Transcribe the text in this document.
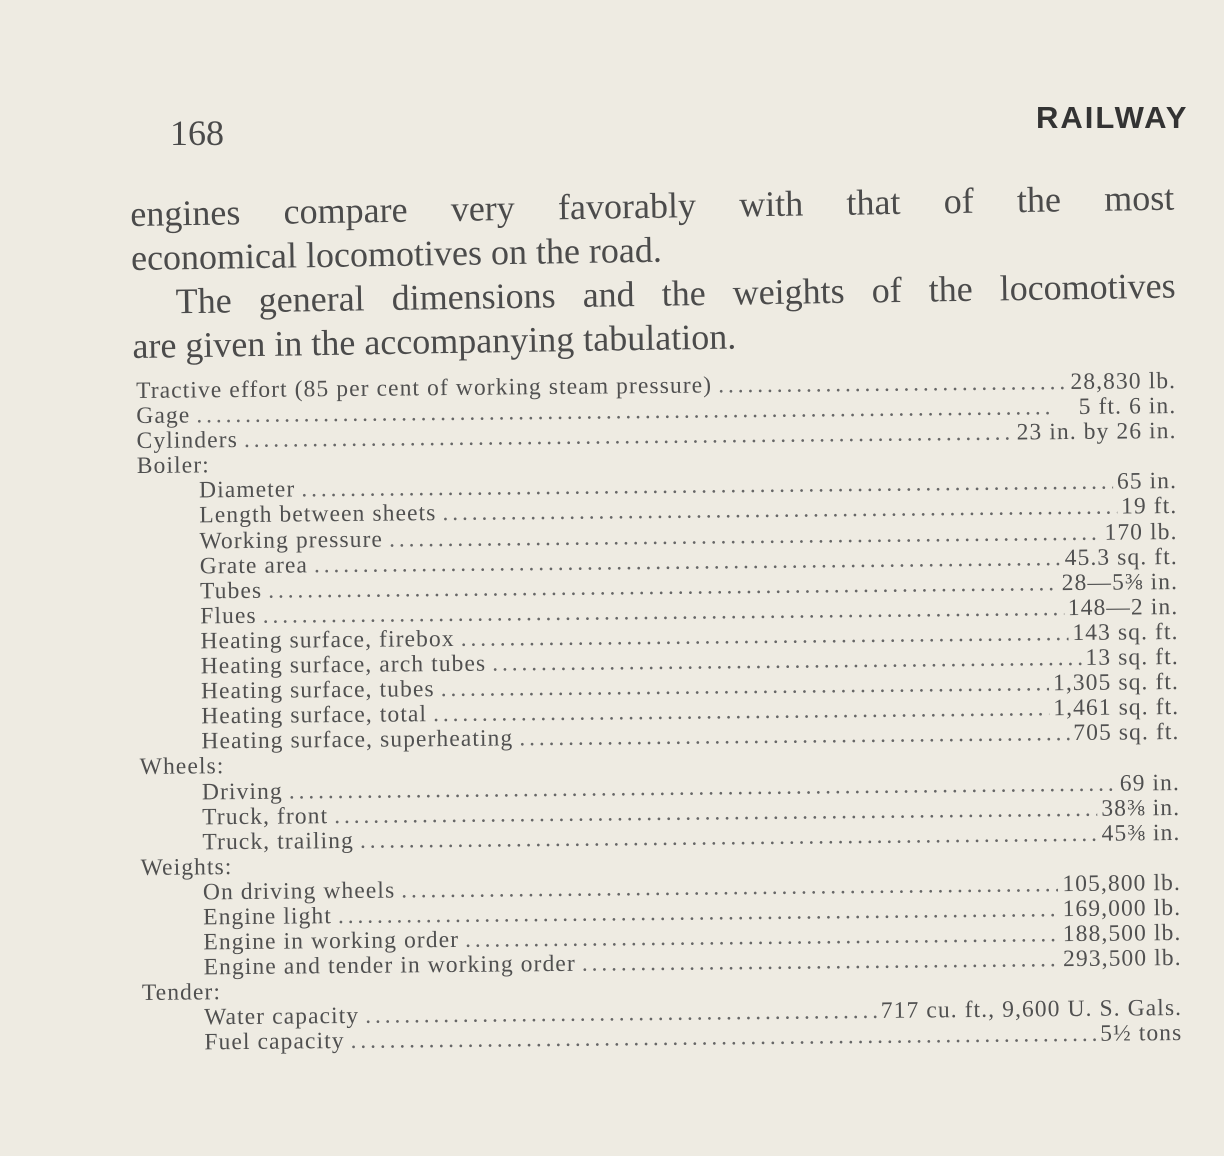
168	RAILWAY

engines compare very favorably with that of the most

economical locomotives on the road.

The general dimensions and the weights of the locomotives

are given in the accompanying tabulation.

Tractive effort (85 per cent of working steam pressure) . . .	28,830 lb.
Gage . . .	5 ft. 6 in.
Cylinders . . .	23 in. by 26 in.
Boiler:
Diameter . . .	65 in.
Length between sheets . . .	19 ft.
Working pressure . . .	170 lb.
Grate area . . .	45.3 sq. ft.
Tubes . . .	28—5⅜ in.
Flues . . .	148—2 in.
Heating surface, firebox . . .	143 sq. ft.
Heating surface, arch tubes . . .	13 sq. ft.
Heating surface, tubes . . .	1,305 sq. ft.
Heating surface, total . . .	1,461 sq. ft.
Heating surface, superheating . . .	705 sq. ft.
Wheels:
Driving . . .	69 in.
Truck, front . . .	38⅜ in.
Truck, trailing . . .	45⅜ in.
Weights:
On driving wheels . . .	105,800 lb.
Engine light . . .	169,000 lb.
Engine in working order . . .	188,500 lb.
Engine and tender in working order . . .	293,500 lb.
Tender:
Water capacity . . .	717 cu. ft., 9,600 U. S. Gals.
Fuel capacity . . .	5½ tons
